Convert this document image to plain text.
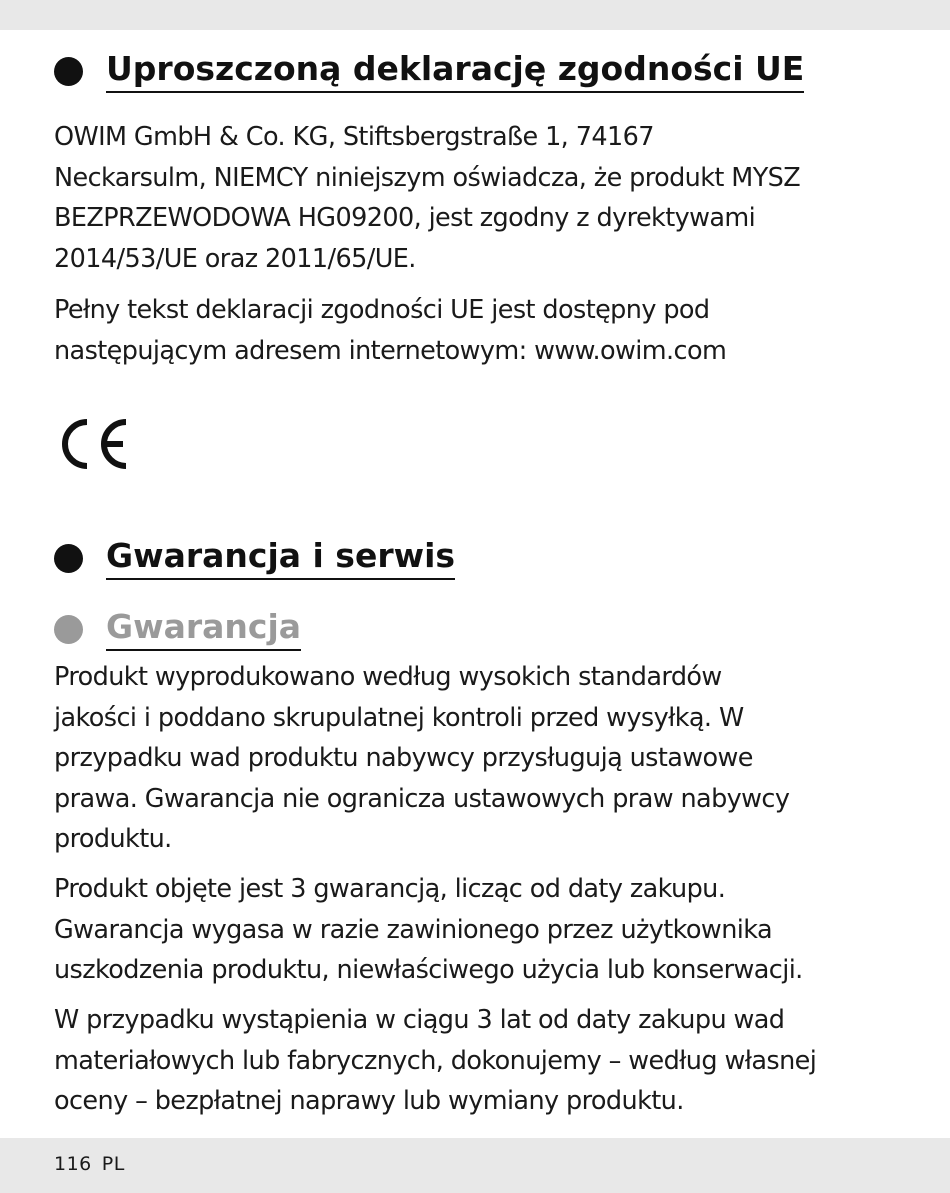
Uproszczoną deklarację zgodności UE

OWIM GmbH & Co. KG, Stiftsbergstraße 1, 74167
Neckarsulm, NIEMCY niniejszym oświadcza, że produkt MYSZ
BEZPRZEWODOWA HG09200, jest zgodny z dyrektywami
2014/53/UE oraz 2011/65/UE.

Pełny tekst deklaracji zgodności UE jest dostępny pod
następującym adresem internetowym: www.owim.com

Gwarancja i serwis
Gwarancja

Produkt wyprodukowano według wysokich standardów
jakości i poddano skrupulatnej kontroli przed wysyłką. W
przypadku wad produktu nabywcy przysługują ustawowe
prawa. Gwarancja nie ogranicza ustawowych praw nabywcy
produktu.

Produkt objęte jest 3 gwarancją, licząc od daty zakupu.
Gwarancja wygasa w razie zawinionego przez użytkownika
uszkodzenia produktu, niewłaściwego użycia lub konserwacji.

W przypadku wystąpienia w ciągu 3 lat od daty zakupu wad
materiałowych lub fabrycznych, dokonujemy – według własnej
oceny – bezpłatnej naprawy lub wymiany produktu.

116 PL
